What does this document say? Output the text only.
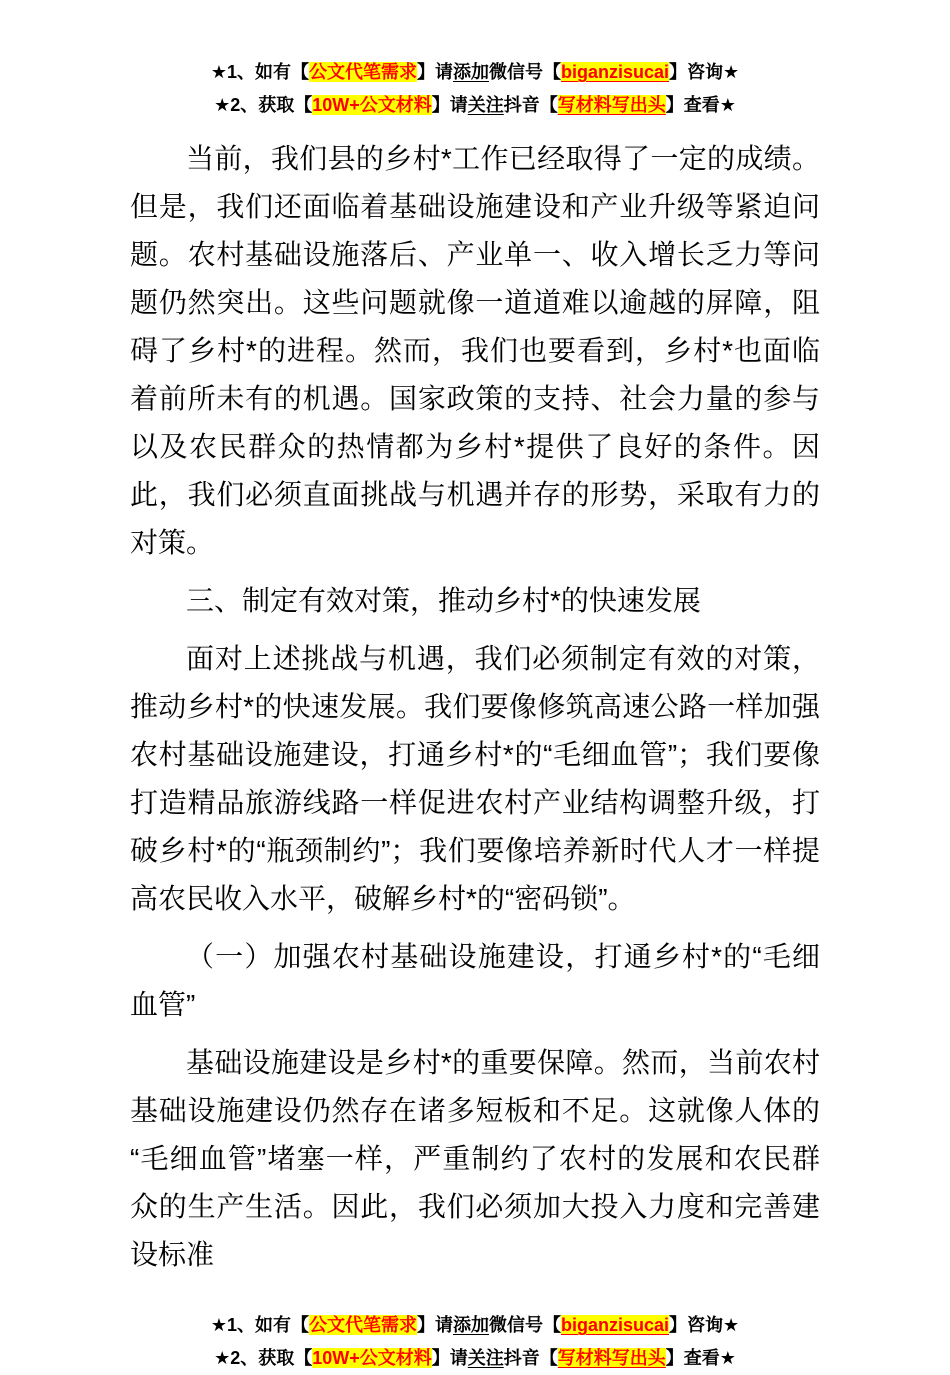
★1、如有【公文代笔需求】请添加微信号【biganzisucai】咨询★
★2、获取【10W+公文材料】请关注抖音【写材料写出头】查看★

当前，我们县的乡村*工作已经取得了一定的成绩。但是，我们还面临着基础设施建设和产业升级等紧迫问题。农村基础设施落后、产业单一、收入增长乏力等问题仍然突出。这些问题就像一道道难以逾越的屏障，阻碍了乡村*的进程。然而，我们也要看到，乡村*也面临着前所未有的机遇。国家政策的支持、社会力量的参与以及农民群众的热情都为乡村*提供了良好的条件。因此，我们必须直面挑战与机遇并存的形势，采取有力的对策。

三、制定有效对策，推动乡村*的快速发展

面对上述挑战与机遇，我们必须制定有效的对策，推动乡村*的快速发展。我们要像修筑高速公路一样加强农村基础设施建设，打通乡村*的“毛细血管”；我们要像打造精品旅游线路一样促进农村产业结构调整升级，打破乡村*的“瓶颈制约”；我们要像培养新时代人才一样提高农民收入水平，破解乡村*的“密码锁”。

（一）加强农村基础设施建设，打通乡村*的“毛细血管”

基础设施建设是乡村*的重要保障。然而，当前农村基础设施建设仍然存在诸多短板和不足。这就像人体的“毛细血管”堵塞一样，严重制约了农村的发展和农民群众的生产生活。因此，我们必须加大投入力度和完善建设标准

★1、如有【公文代笔需求】请添加微信号【biganzisucai】咨询★
★2、获取【10W+公文材料】请关注抖音【写材料写出头】查看★
